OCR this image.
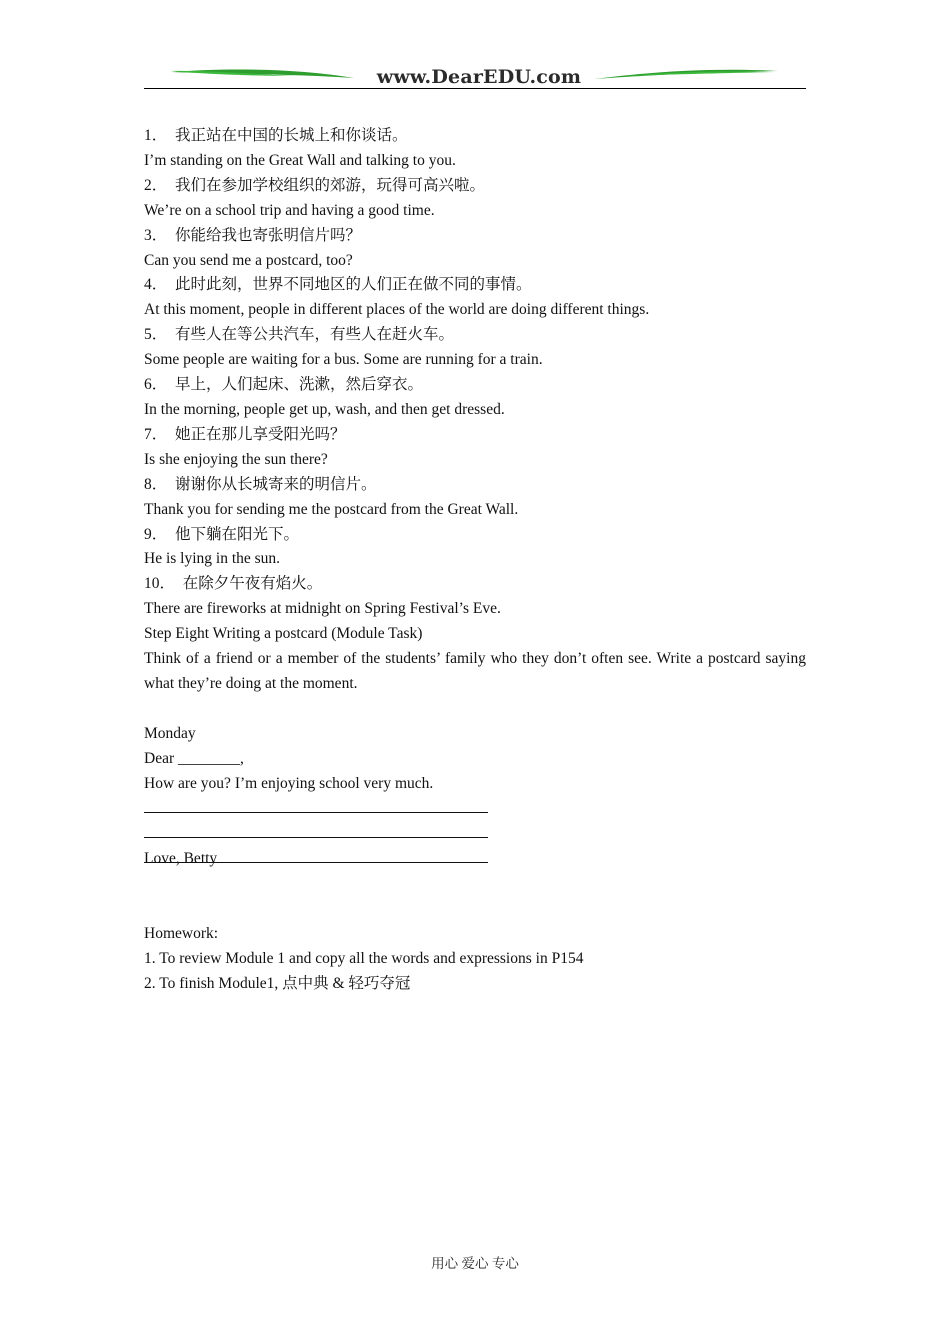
www.DearEDU.com

1． 我正站在中国的长城上和你谈话。

I’m standing on the Great Wall and talking to you.

2． 我们在参加学校组织的郊游，玩得可高兴啦。

We’re on a school trip and having a good time.

3． 你能给我也寄张明信片吗？

Can you send me a postcard, too?

4． 此时此刻，世界不同地区的人们正在做不同的事情。

At this moment, people in different places of the world are doing different things.

5． 有些人在等公共汽车，有些人在赶火车。

Some people are waiting for a bus. Some are running for a train.

6． 早上，人们起床、洗漱，然后穿衣。

In the morning, people get up, wash, and then get dressed.

7． 她正在那儿享受阳光吗？

Is she enjoying the sun there?

8． 谢谢你从长城寄来的明信片。

Thank you for sending me the postcard from the Great Wall.

9． 他下躺在阳光下。

He is lying in the sun.

10． 在除夕午夜有焰火。

There are fireworks at midnight on Spring Festival’s Eve.

Step Eight Writing a postcard (Module Task)

Think of a friend or a member of the students’ family who they don’t often see. Write a postcard saying what they’re doing at the moment.

Monday

Dear ________,

How are you? I’m enjoying school very much.

Love, Betty

Homework:

1. To review Module 1 and copy all the words and expressions in P154

2. To finish Module1, 点中典 & 轻巧夺冠

用心 爱心 专心
